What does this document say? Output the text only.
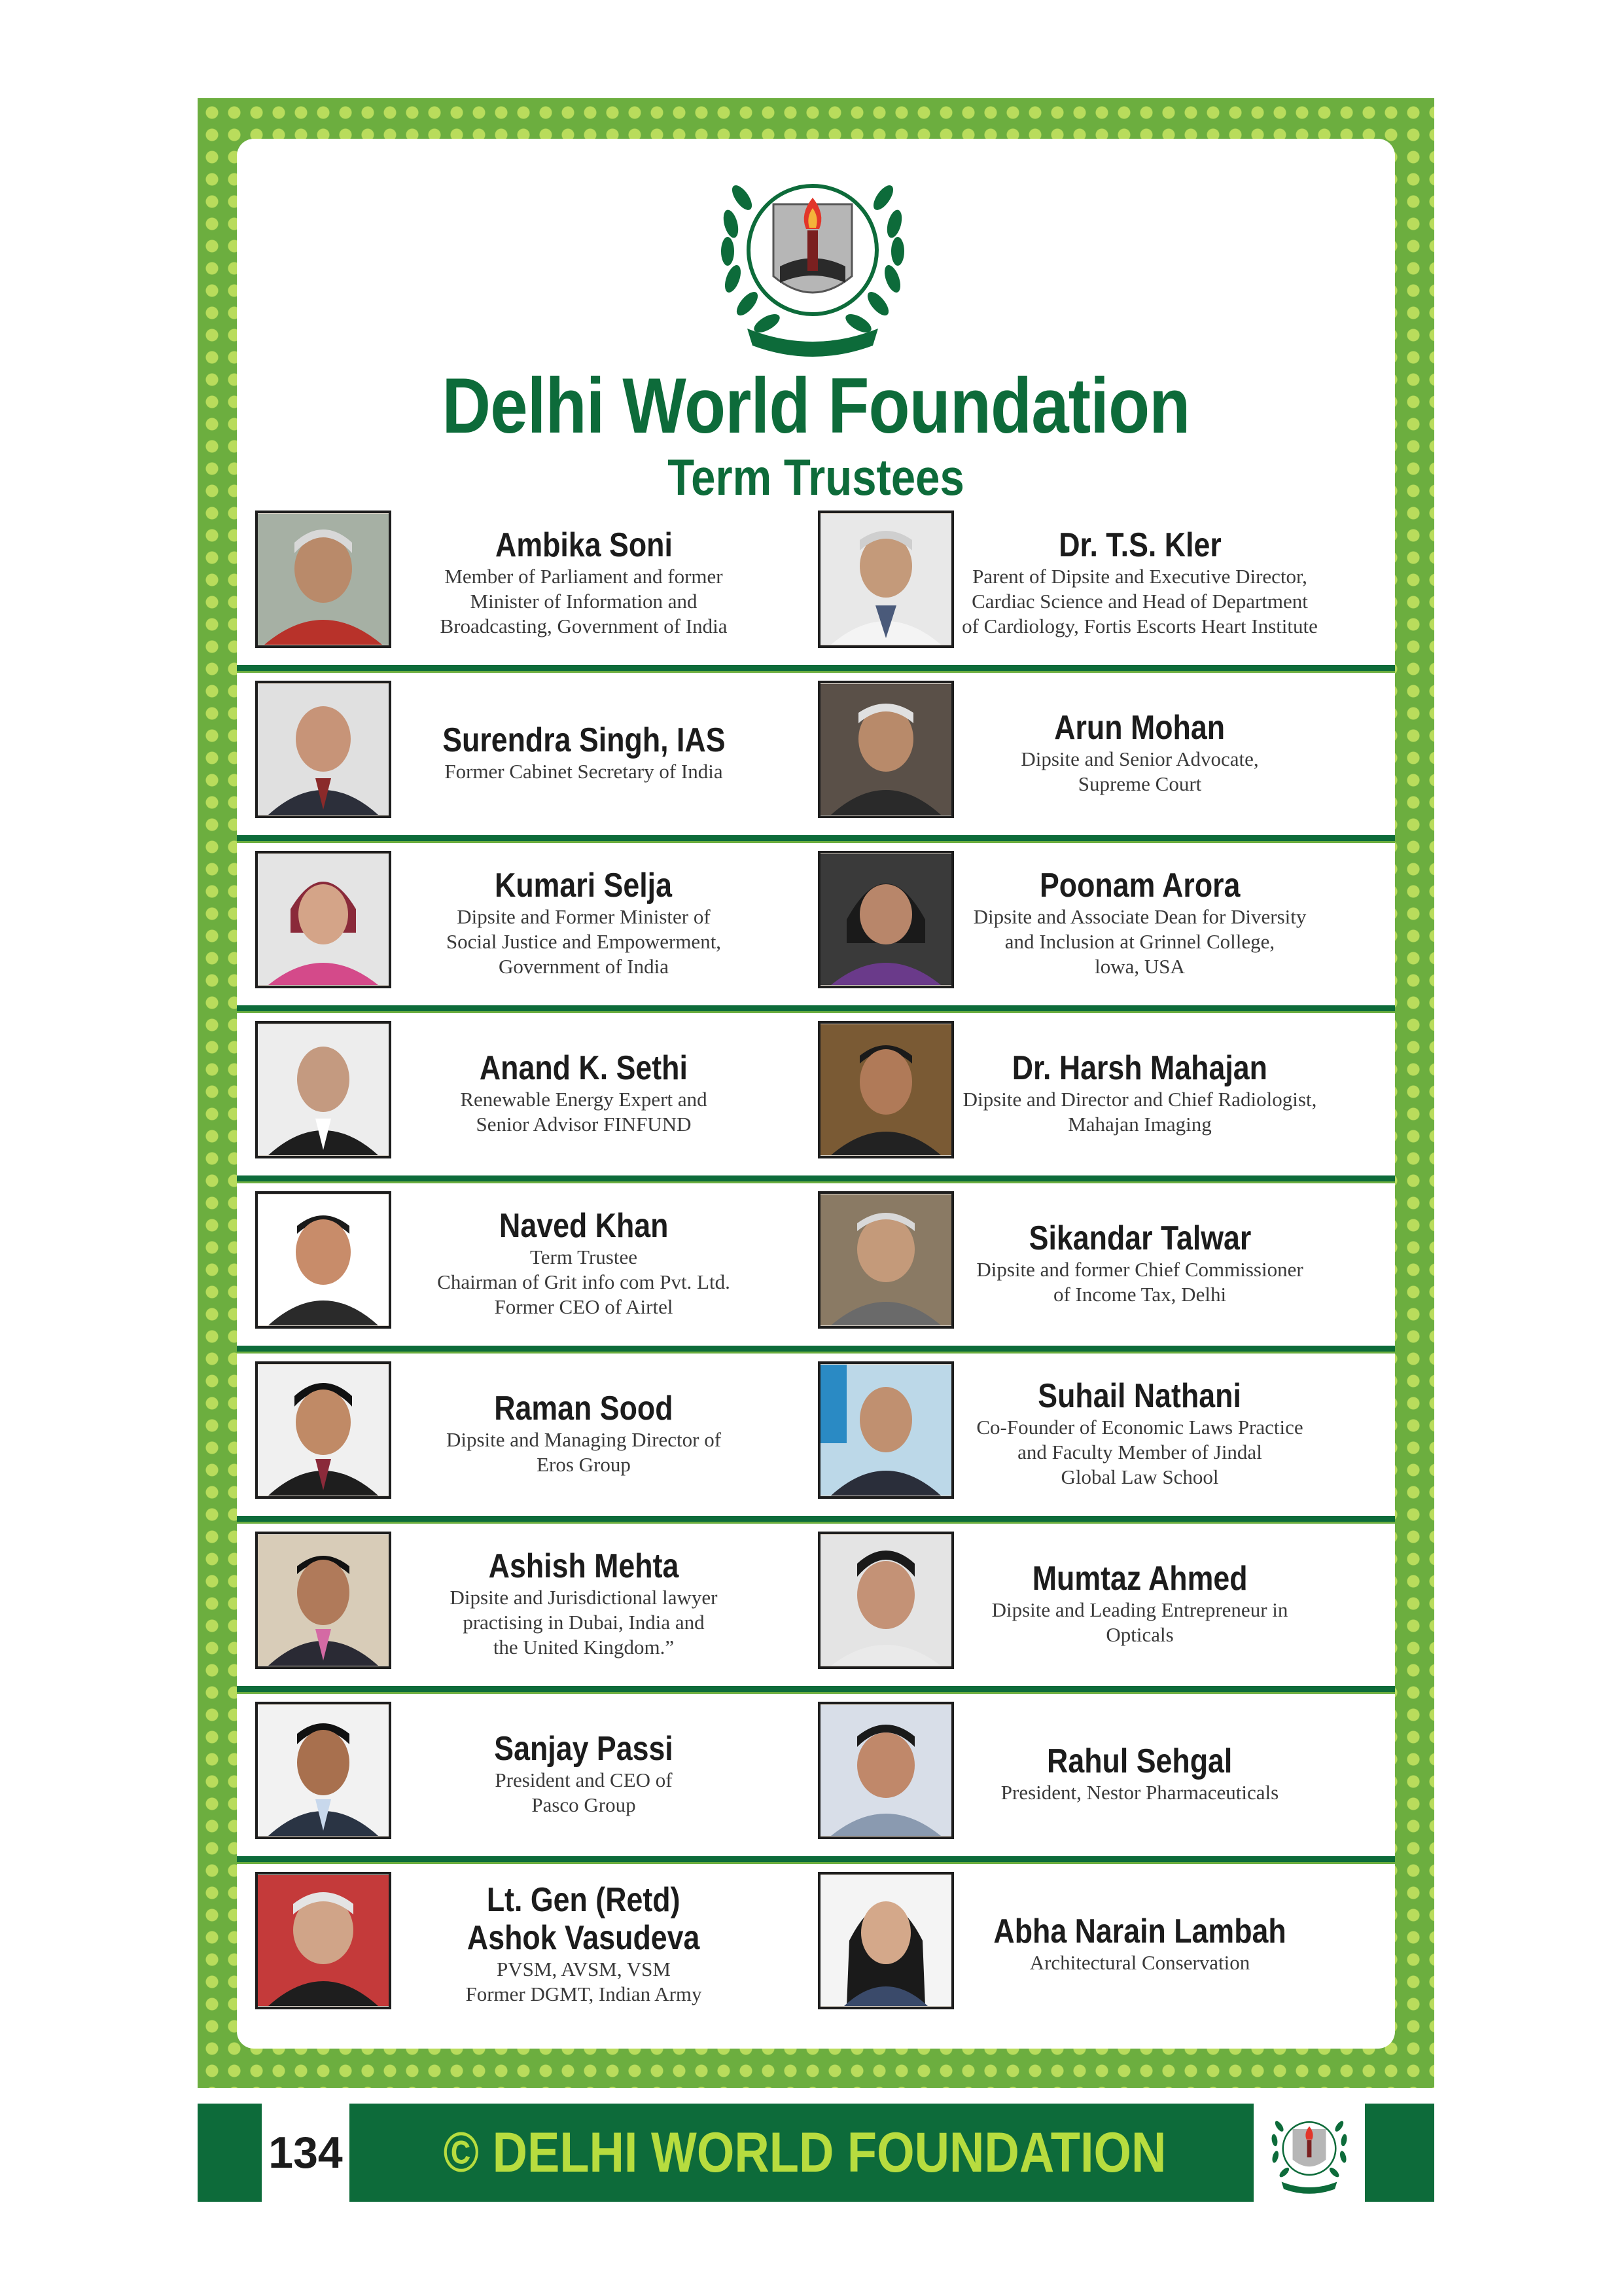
Delhi World Foundation
Term Trustees
Ambika Soni
Member of Parliament and former
Minister of Information and
Broadcasting, Government of India
Dr. T.S. Kler
Parent of Dipsite and Executive Director,
Cardiac Science and Head of Department
of Cardiology, Fortis Escorts Heart Institute
Surendra Singh, IAS
Former Cabinet Secretary of India
Arun Mohan
Dipsite and Senior Advocate,
Supreme Court
Kumari Selja
Dipsite and Former Minister of
Social Justice and Empowerment,
Government of India
Poonam Arora
Dipsite and Associate Dean for Diversity
and Inclusion at Grinnel College,
lowa, USA
Anand K. Sethi
Renewable Energy Expert and
Senior Advisor FINFUND
Dr. Harsh Mahajan
Dipsite and Director and Chief Radiologist,
Mahajan Imaging
Naved Khan
Term Trustee
Chairman of Grit info com Pvt. Ltd.
Former CEO of Airtel
Sikandar Talwar
Dipsite and former Chief Commissioner
of Income Tax, Delhi
Raman Sood
Dipsite and Managing Director of
Eros Group
Suhail Nathani
Co-Founder of Economic Laws Practice
and Faculty Member of Jindal
Global Law School
Ashish Mehta
Dipsite and Jurisdictional lawyer
practising in Dubai, India and
the United Kingdom.”
Mumtaz Ahmed
Dipsite and Leading Entrepreneur in
Opticals
Sanjay Passi
President and CEO of
Pasco Group
Rahul Sehgal
President, Nestor Pharmaceuticals
Lt. Gen (Retd)
Ashok Vasudeva
PVSM, AVSM, VSM
Former DGMT, Indian Army
Abha Narain Lambah
Architectural Conservation
134	© DELHI WORLD FOUNDATION
